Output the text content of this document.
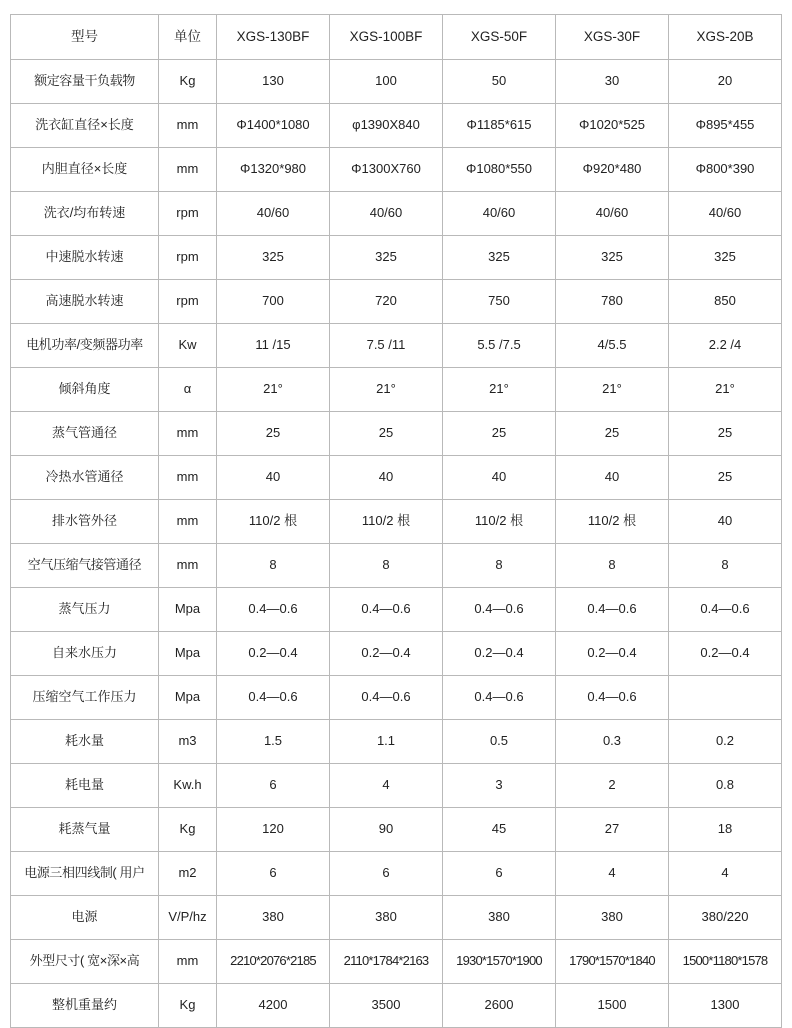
型号	单位	XGS-130BF	XGS-100BF	XGS-50F	XGS-30F	XGS-20B
额定容量干负载物	Kg	130	100	50	30	20
洗衣缸直径×长度	mm	Φ1400*1080	φ1390X840	Φ1185*615	Φ1020*525	Φ895*455
内胆直径×长度	mm	Φ1320*980	Φ1300X760	Φ1080*550	Φ920*480	Φ800*390
洗衣/均布转速	rpm	40/60	40/60	40/60	40/60	40/60
中速脱水转速	rpm	325	325	325	325	325
高速脱水转速	rpm	700	720	750	780	850
电机功率/变频器功率	Kw	11 /15	7.5 /11	5.5 /7.5	4/5.5	2.2 /4
倾斜角度	α	21°	21°	21°	21°	21°
蒸气管通径	mm	25	25	25	25	25
冷热水管通径	mm	40	40	40	40	25
排水管外径	mm	110/2 根	110/2 根	110/2 根	110/2 根	40
空气压缩气接管通径	mm	8	8	8	8	8
蒸气压力	Mpa	0.4—0.6	0.4—0.6	0.4—0.6	0.4—0.6	0.4—0.6
自来水压力	Mpa	0.2—0.4	0.2—0.4	0.2—0.4	0.2—0.4	0.2—0.4
压缩空气工作压力	Mpa	0.4—0.6	0.4—0.6	0.4—0.6	0.4—0.6	
耗水量	m3	1.5	1.1	0.5	0.3	0.2
耗电量	Kw.h	6	4	3	2	0.8
耗蒸气量	Kg	120	90	45	27	18
电源三相四线制( 用户	m2	6	6	6	4	4
电源	V/P/hz	380	380	380	380	380/220
外型尺寸( 宽×深×高	mm	2210*2076*2185	2110*1784*2163	1930*1570*1900	1790*1570*1840	1500*1180*1578
整机重量约	Kg	4200	3500	2600	1500	1300
